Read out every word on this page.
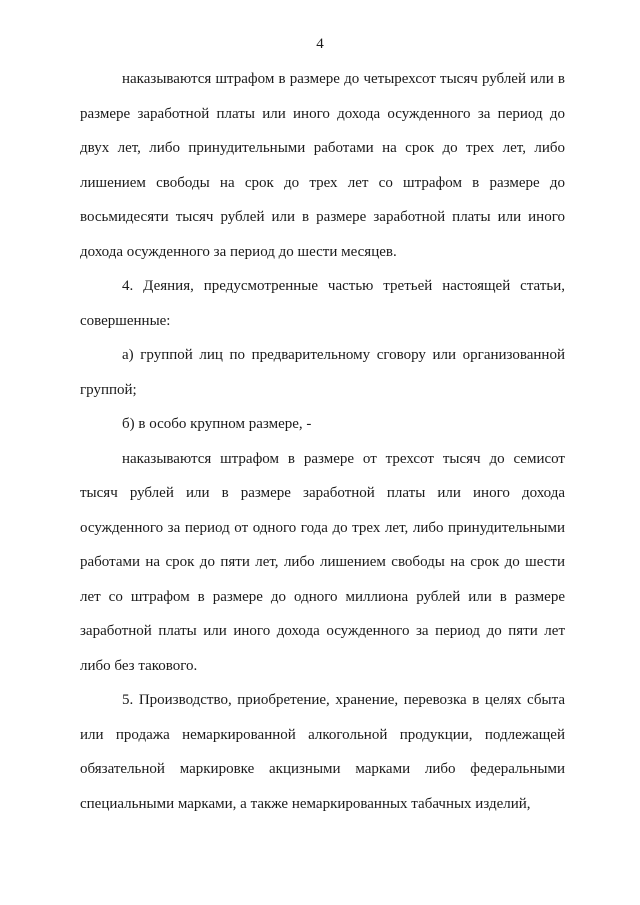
4

наказываются штрафом в размере до четырехсот тысяч рублей или в размере заработной платы или иного дохода осужденного за период до двух лет, либо принудительными работами на срок до трех лет, либо лишением свободы на срок до трех лет со штрафом в размере до восьмидесяти тысяч рублей или в размере заработной платы или иного дохода осужденного за период до шести месяцев.

4. Деяния, предусмотренные частью третьей настоящей статьи, совершенные:

а) группой лиц по предварительному сговору или организованной группой;

б) в особо крупном размере, -

наказываются штрафом в размере от трехсот тысяч до семисот тысяч рублей или в размере заработной платы или иного дохода осужденного за период от одного года до трех лет, либо принудительными работами на срок до пяти лет, либо лишением свободы на срок до шести лет со штрафом в размере до одного миллиона рублей или в размере заработной платы или иного дохода осужденного за период до пяти лет либо без такового.

5. Производство, приобретение, хранение, перевозка в целях сбыта или продажа немаркированной алкогольной продукции, подлежащей обязательной маркировке акцизными марками либо федеральными специальными марками, а также немаркированных табачных изделий,
